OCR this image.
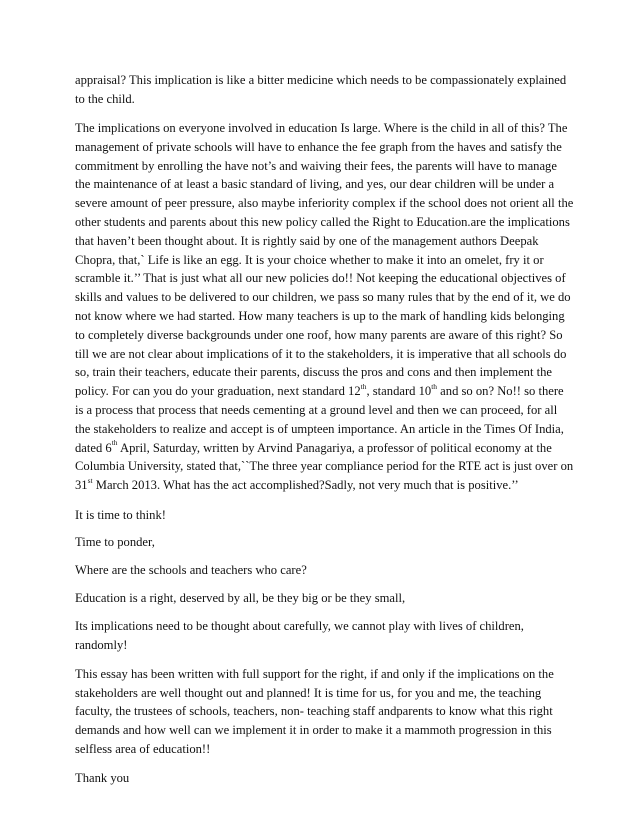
appraisal? This implication is like a bitter medicine which needs to be compassionately explained to the child.

The implications on everyone involved in education Is large. Where is the child in all of this? The management of private schools will have to enhance the fee graph from the haves and satisfy the commitment by enrolling the have not’s and waiving their fees, the parents will have to manage the maintenance of at least a basic standard of living, and yes, our dear children will be under a severe amount of peer pressure, also maybe inferiority complex if the school does not orient all the other students and parents about this new policy called the Right to Education.are the implications that haven’t been thought about. It is rightly said by one of the management authors Deepak Chopra, that,` Life is like an egg. It is your choice whether to make it into an omelet, fry it or scramble it.’’ That is just what all our new policies do!! Not keeping the educational objectives of skills and values to be delivered to our children, we pass so many rules that by the end of it, we do not know where we had started. How many teachers is up to the mark of handling kids belonging to completely diverse backgrounds under one roof, how many parents are aware of this right? So till we are not clear about implications of it to the stakeholders, it is imperative that all schools do so, train their teachers, educate their parents, discuss the pros and cons and then implement the policy. For can you do your graduation, next standard 12th, standard 10th and so on? No!! so there is a process that process that needs cementing at a ground level and then we can proceed, for all the stakeholders to realize and accept is of umpteen importance. An article in the Times Of India, dated 6th April, Saturday, written by Arvind Panagariya, a professor of political economy at the Columbia University, stated that,``The three year compliance period for the RTE act is just over on 31st March 2013. What has the act accomplished?Sadly, not very much that is positive.’’

It is time to think!

Time to ponder,

Where are the schools and teachers who care?

Education is a right, deserved by all, be they big or be they small,

Its implications need to be thought about carefully, we cannot play with lives of children, randomly!

This essay has been written with full support for the right, if and only if the implications on the stakeholders are well thought out and planned! It is time for us, for you and me, the teaching faculty, the trustees of schools, teachers, non- teaching staff andparents to know what this right demands and how well can we implement it in order to make it a mammoth progression in this selfless area of education!!

Thank you
